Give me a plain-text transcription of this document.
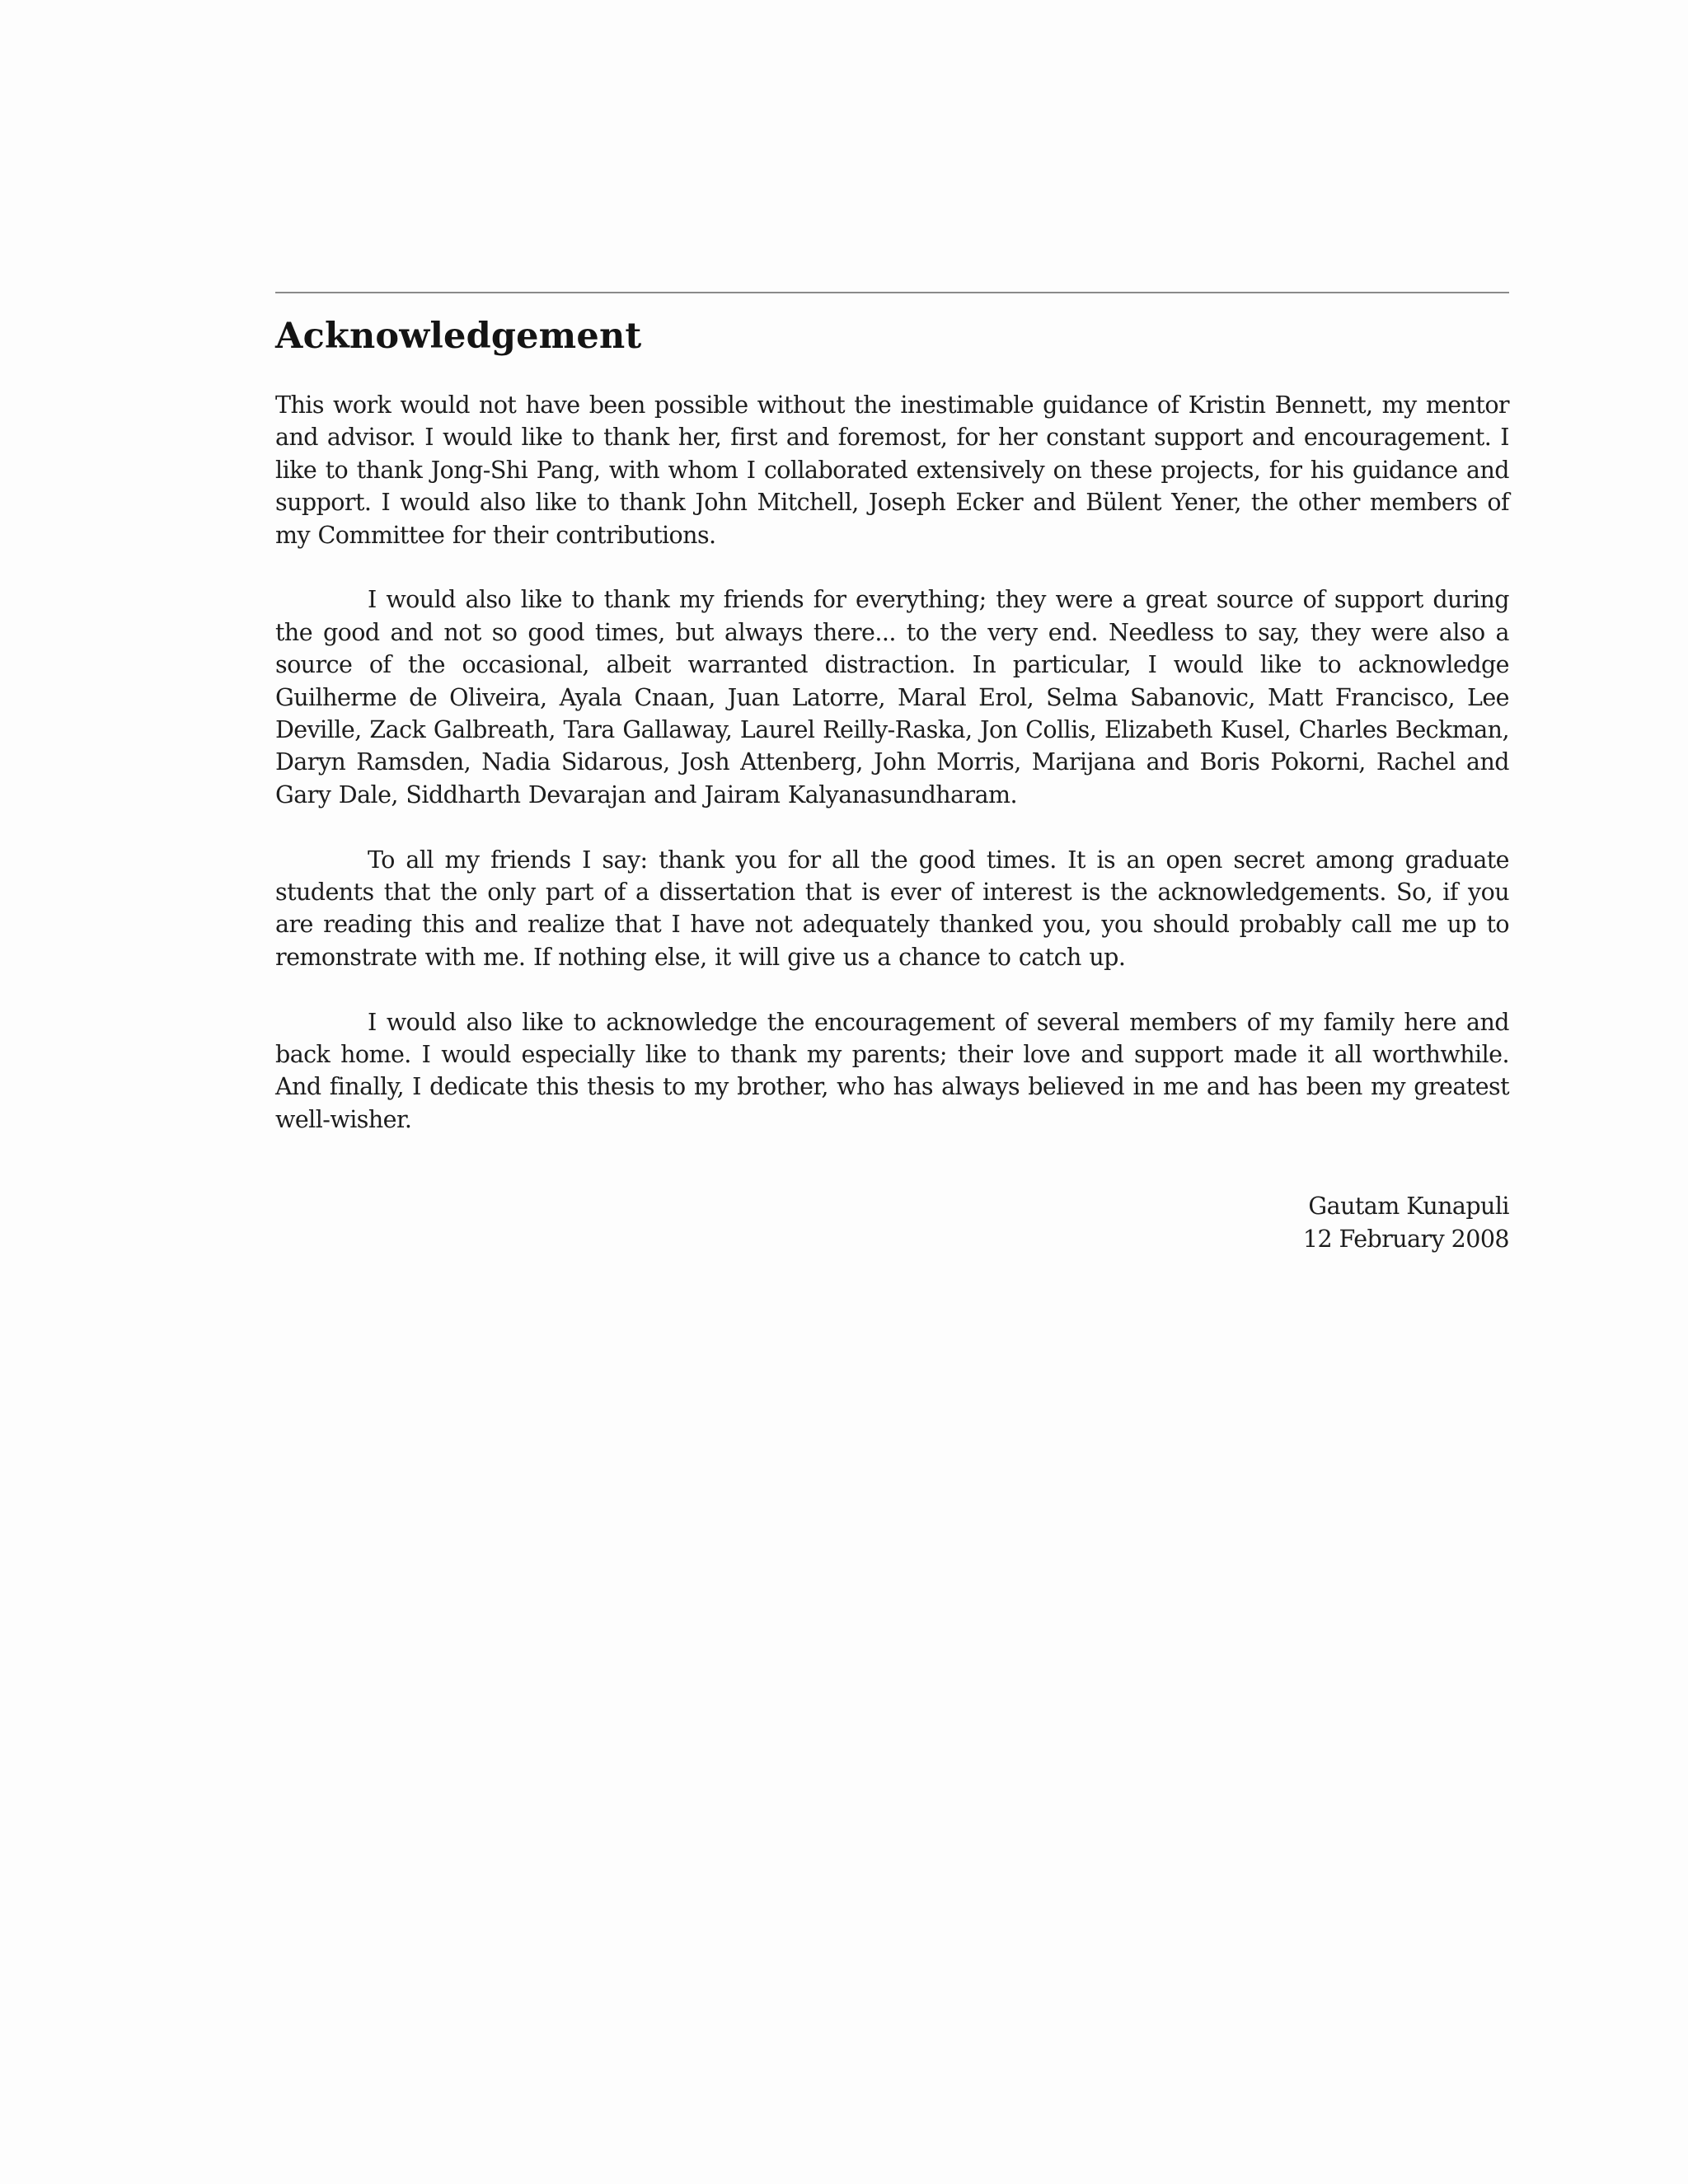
Acknowledgement

This work would not have been possible without the inestimable guidance of Kristin Bennett, my mentor and advisor. I would like to thank her, first and foremost, for her constant support and encouragement. I like to thank Jong-Shi Pang, with whom I collaborated extensively on these projects, for his guidance and support. I would also like to thank John Mitchell, Joseph Ecker and Bülent Yener, the other members of my Committee for their contributions.

I would also like to thank my friends for everything; they were a great source of support during the good and not so good times, but always there... to the very end. Needless to say, they were also a source of the occasional, albeit warranted distraction. In particular, I would like to acknowledge Guilherme de Oliveira, Ayala Cnaan, Juan Latorre, Maral Erol, Selma Sabanovic, Matt Francisco, Lee Deville, Zack Galbreath, Tara Gallaway, Laurel Reilly-Raska, Jon Collis, Elizabeth Kusel, Charles Beckman, Daryn Ramsden, Nadia Sidarous, Josh Attenberg, John Morris, Marijana and Boris Pokorni, Rachel and Gary Dale, Siddharth Devarajan and Jairam Kalyanasundharam.

To all my friends I say: thank you for all the good times. It is an open secret among graduate students that the only part of a dissertation that is ever of interest is the acknowledgements. So, if you are reading this and realize that I have not adequately thanked you, you should probably call me up to remonstrate with me. If nothing else, it will give us a chance to catch up.

I would also like to acknowledge the encouragement of several members of my family here and back home. I would especially like to thank my parents; their love and support made it all worthwhile. And finally, I dedicate this thesis to my brother, who has always believed in me and has been my greatest well-wisher.

Gautam Kunapuli
12 February 2008
